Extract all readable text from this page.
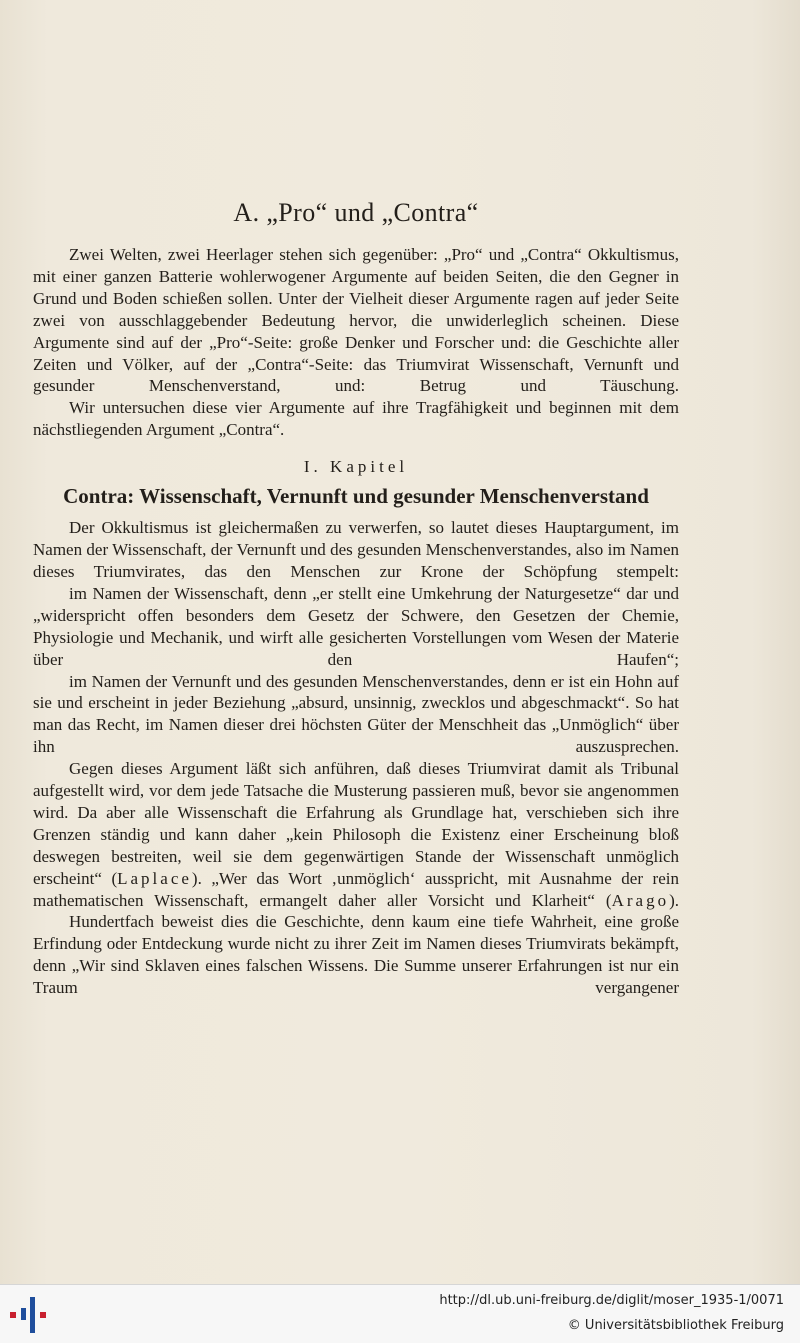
A. „Pro“ und „Contra“

Zwei Welten, zwei Heerlager stehen sich gegenüber: „Pro“ und „Contra“ Okkultismus, mit einer ganzen Batterie wohlerwogener Argumente auf beiden Seiten, die den Gegner in Grund und Boden schießen sollen. Unter der Vielheit dieser Argumente ragen auf jeder Seite zwei von ausschlaggebender Bedeutung hervor, die unwiderleglich scheinen. Diese Argumente sind auf der „Pro“-Seite: große Denker und Forscher und: die Geschichte aller Zeiten und Völker, auf der „Contra“-Seite: das Triumvirat Wissenschaft, Vernunft und gesunder Menschenverstand, und: Betrug und Täuschung.

Wir untersuchen diese vier Argumente auf ihre Tragfähigkeit und beginnen mit dem nächstliegenden Argument „Contra“.

I. Kapitel
Contra: Wissenschaft, Vernunft und gesunder Menschenverstand

Der Okkultismus ist gleichermaßen zu verwerfen, so lautet dieses Hauptargument, im Namen der Wissenschaft, der Vernunft und des gesunden Menschenverstandes, also im Namen dieses Triumvirates, das den Menschen zur Krone der Schöpfung stempelt:

im Namen der Wissenschaft, denn „er stellt eine Umkehrung der Naturgesetze“ dar und „widerspricht offen besonders dem Gesetz der Schwere, den Gesetzen der Chemie, Physiologie und Mechanik, und wirft alle gesicherten Vorstellungen vom Wesen der Materie über den Haufen“;

im Namen der Vernunft und des gesunden Menschenverstandes, denn er ist ein Hohn auf sie und erscheint in jeder Beziehung „absurd, unsinnig, zwecklos und abgeschmackt“. So hat man das Recht, im Namen dieser drei höchsten Güter der Menschheit das „Unmöglich“ über ihn auszusprechen.

Gegen dieses Argument läßt sich anführen, daß dieses Triumvirat damit als Tribunal aufgestellt wird, vor dem jede Tatsache die Musterung passieren muß, bevor sie angenommen wird. Da aber alle Wissenschaft die Erfahrung als Grundlage hat, verschieben sich ihre Grenzen ständig und kann daher „kein Philosoph die Existenz einer Erscheinung bloß deswegen bestreiten, weil sie dem gegenwärtigen Stande der Wissenschaft unmöglich erscheint“ (Laplace). „Wer das Wort ‚unmöglich‘ ausspricht, mit Ausnahme der rein mathematischen Wissenschaft, ermangelt daher aller Vorsicht und Klarheit“ (Arago).

Hundertfach beweist dies die Geschichte, denn kaum eine tiefe Wahrheit, eine große Erfindung oder Entdeckung wurde nicht zu ihrer Zeit im Namen dieses Triumvirats bekämpft, denn „Wir sind Sklaven eines falschen Wissens. Die Summe unserer Erfahrungen ist nur ein Traum vergangener

http://dl.ub.uni-freiburg.de/diglit/moser_1935-1/0071
© Universitätsbibliothek Freiburg
